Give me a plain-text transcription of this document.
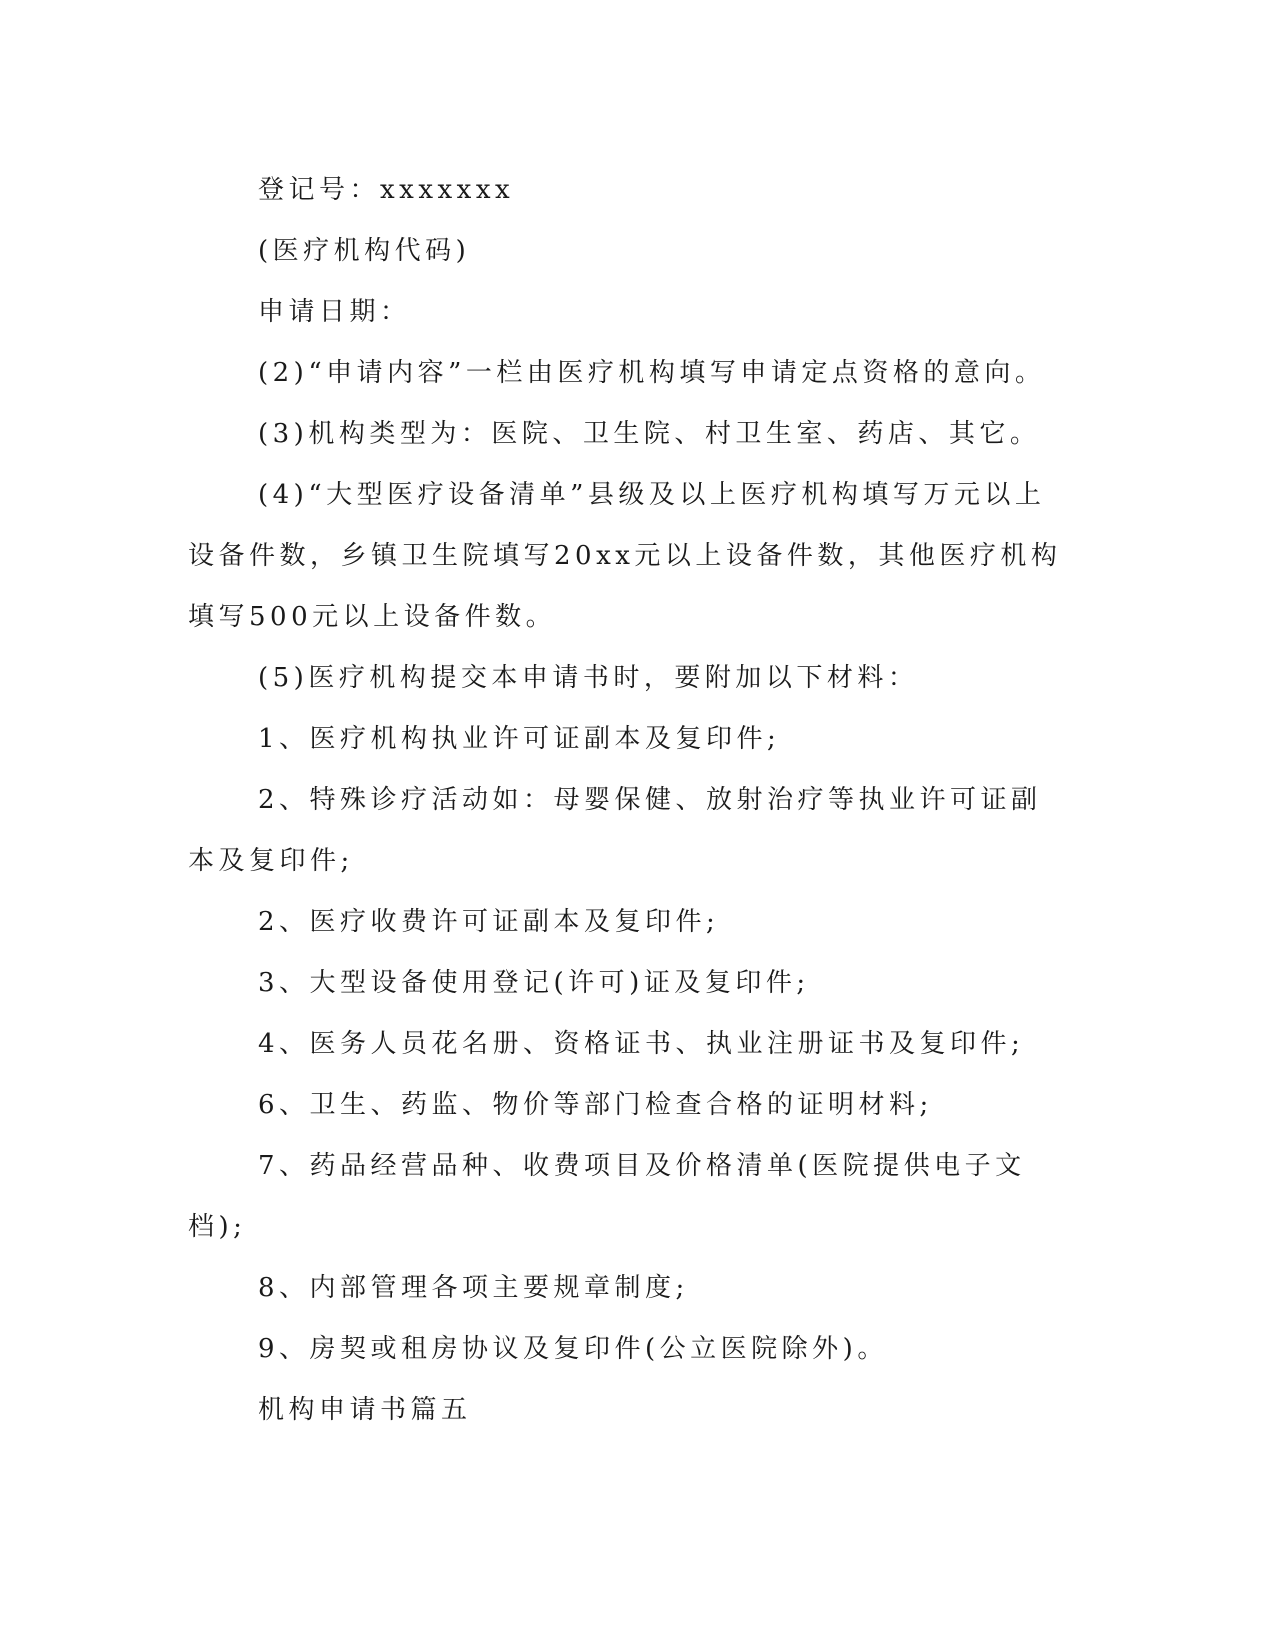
登记号：xxxxxxx

(医疗机构代码)

申请日期：

(2)“申请内容”一栏由医疗机构填写申请定点资格的意向。

(3)机构类型为：医院、卫生院、村卫生室、药店、其它。

(4)“大型医疗设备清单”县级及以上医疗机构填写万元以上设备件数，乡镇卫生院填写20xx元以上设备件数，其他医疗机构填写500元以上设备件数。

(5)医疗机构提交本申请书时，要附加以下材料：

1、医疗机构执业许可证副本及复印件;

2、特殊诊疗活动如：母婴保健、放射治疗等执业许可证副本及复印件;

2、医疗收费许可证副本及复印件;

3、大型设备使用登记(许可)证及复印件;

4、医务人员花名册、资格证书、执业注册证书及复印件;

6、卫生、药监、物价等部门检查合格的证明材料;

7、药品经营品种、收费项目及价格清单(医院提供电子文档);

8、内部管理各项主要规章制度;

9、房契或租房协议及复印件(公立医院除外)。

机构申请书篇五
